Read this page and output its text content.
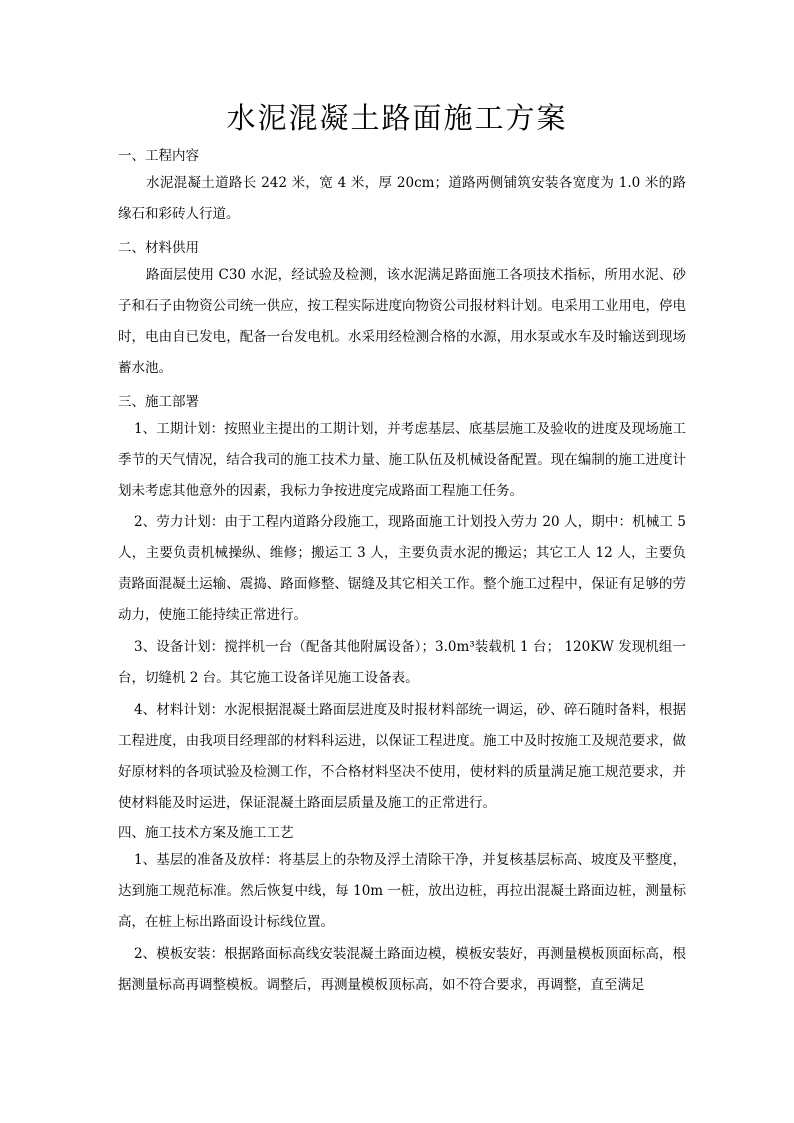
水泥混凝土路面施工方案
一、工程内容

水泥混凝土道路长 242 米，宽 4 米，厚 20cm；道路两侧铺筑安装各宽度为 1.0 米的路缘石和彩砖人行道。

二、材料供用

路面层使用 C30 水泥，经试验及检测，该水泥满足路面施工各项技术指标，所用水泥、砂子和石子由物资公司统一供应，按工程实际进度向物资公司报材料计划。电采用工业用电，停电时，电由自已发电，配备一台发电机。水采用经检测合格的水源，用水泵或水车及时输送到现场蓄水池。

三、施工部署

1、工期计划：按照业主提出的工期计划，并考虑基层、底基层施工及验收的进度及现场施工季节的天气情况，结合我司的施工技术力量、施工队伍及机械设备配置。现在编制的施工进度计划未考虑其他意外的因素，我标力争按进度完成路面工程施工任务。

2、劳力计划：由于工程内道路分段施工，现路面施工计划投入劳力 20 人，期中：机械工 5 人，主要负责机械操纵、维修；搬运工 3 人，主要负责水泥的搬运；其它工人 12 人，主要负责路面混凝土运输、震捣、路面修整、锯缝及其它相关工作。整个施工过程中，保证有足够的劳动力，使施工能持续正常进行。

3、设备计划：搅拌机一台（配备其他附属设备）；3.0m³装载机 1 台； 120KW 发现机组一台，切缝机 2 台。其它施工设备详见施工设备表。

4、材料计划：水泥根据混凝土路面层进度及时报材料部统一调运，砂、碎石随时备料，根据工程进度，由我项目经理部的材料科运进，以保证工程进度。施工中及时按施工及规范要求，做好原材料的各项试验及检测工作，不合格材料坚决不使用，使材料的质量满足施工规范要求，并使材料能及时运进，保证混凝土路面层质量及施工的正常进行。

四、施工技术方案及施工工艺

1、基层的准备及放样：将基层上的杂物及浮土清除干净，并复核基层标高、坡度及平整度，达到施工规范标准。然后恢复中线，每 10m 一桩，放出边桩，再拉出混凝土路面边桩，测量标高，在桩上标出路面设计标线位置。

2、模板安装：根据路面标高线安装混凝土路面边模，模板安装好，再测量模板顶面标高，根据测量标高再调整模板。调整后，再测量模板顶标高，如不符合要求，再调整，直至满足
